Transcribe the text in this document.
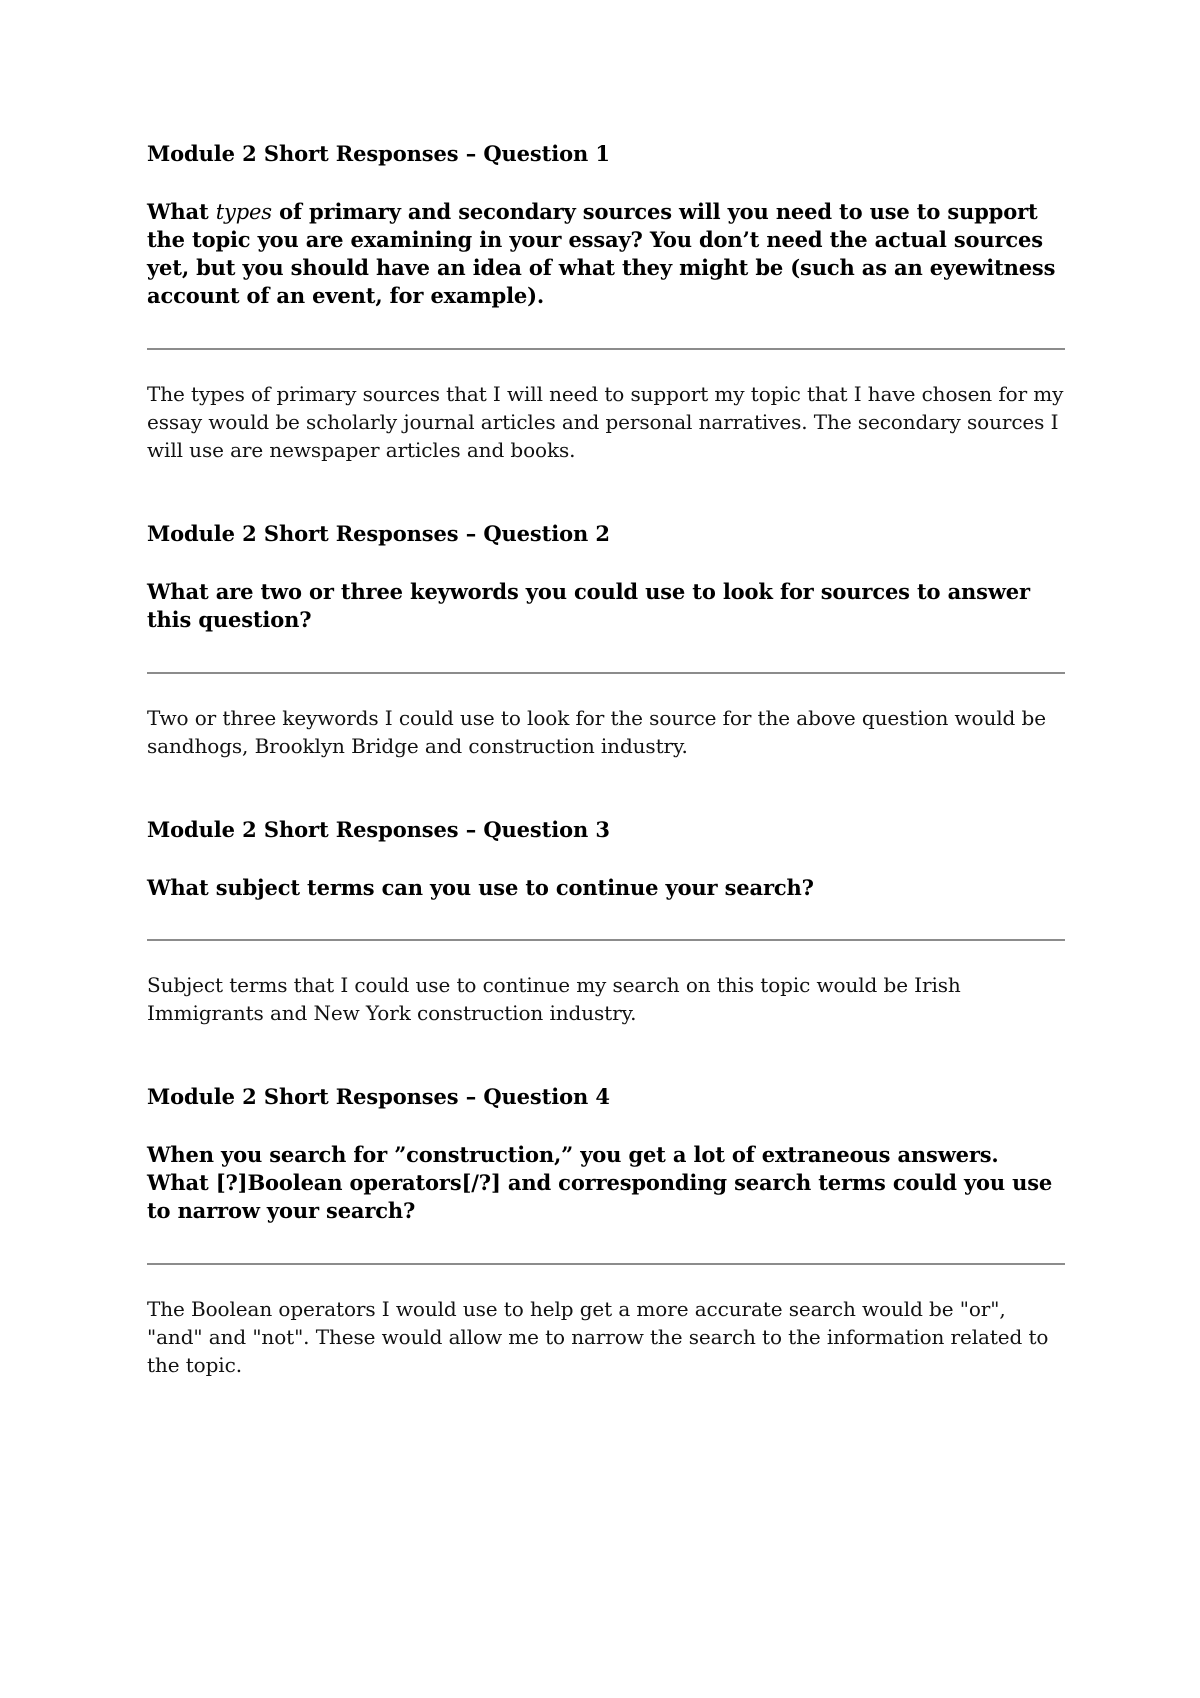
Module 2 Short Responses – Question 1

What types of primary and secondary sources will you need to use to support the topic you are examining in your essay? You don’t need the actual sources yet, but you should have an idea of what they might be (such as an eyewitness account of an event, for example).

The types of primary sources that I will need to support my topic that I have chosen for my essay would be scholarly journal articles and personal narratives. The secondary sources I will use are newspaper articles and books.

Module 2 Short Responses – Question 2

What are two or three keywords you could use to look for sources to answer this question?

Two or three keywords I could use to look for the source for the above question would be sandhogs, Brooklyn Bridge and construction industry.

Module 2 Short Responses – Question 3

What subject terms can you use to continue your search?

Subject terms that I could use to continue my search on this topic would be Irish Immigrants and New York construction industry.

Module 2 Short Responses – Question 4

When you search for ”construction,” you get a lot of extraneous answers. What [?]Boolean operators[/?] and corresponding search terms could you use to narrow your search?

The Boolean operators I would use to help get a more accurate search would be "or", "and" and "not". These would allow me to narrow the search to the information related to the topic.
